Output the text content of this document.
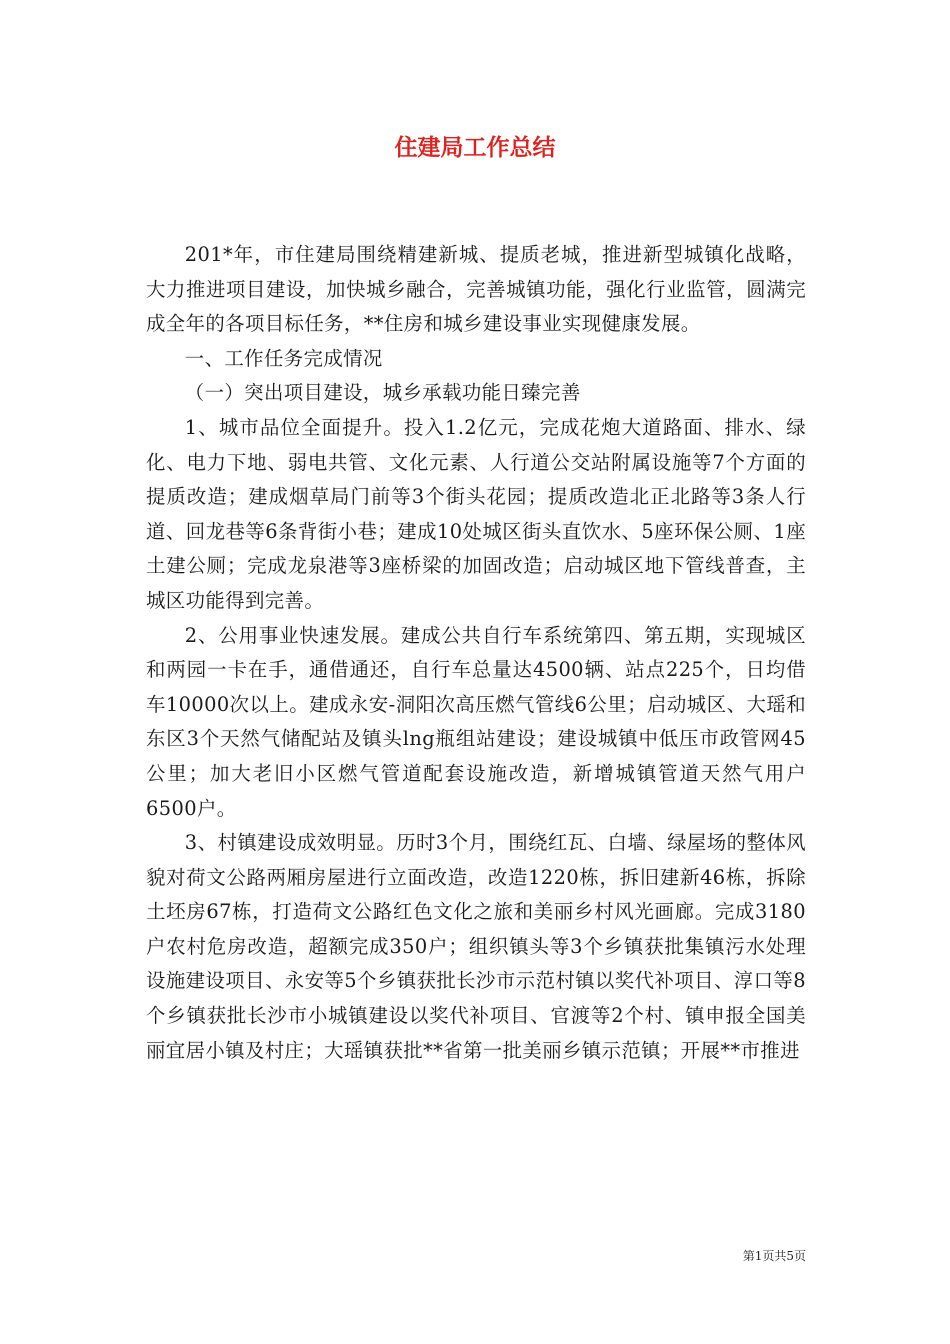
住建局工作总结

201*年，市住建局围绕精建新城、提质老城，推进新型城镇化战略，大力推进项目建设，加快城乡融合，完善城镇功能，强化行业监管，圆满完成全年的各项目标任务，**住房和城乡建设事业实现健康发展。

一、工作任务完成情况

（一）突出项目建设，城乡承载功能日臻完善

1、城市品位全面提升。投入1.2亿元，完成花炮大道路面、排水、绿化、电力下地、弱电共管、文化元素、人行道公交站附属设施等7个方面的提质改造；建成烟草局门前等3个街头花园；提质改造北正北路等3条人行道、回龙巷等6条背街小巷；建成10处城区街头直饮水、5座环保公厕、1座土建公厕；完成龙泉港等3座桥梁的加固改造；启动城区地下管线普查，主城区功能得到完善。

2、公用事业快速发展。建成公共自行车系统第四、第五期，实现城区和两园一卡在手，通借通还，自行车总量达4500辆、站点225个，日均借车10000次以上。建成永安-洞阳次高压燃气管线6公里；启动城区、大瑶和东区3个天然气储配站及镇头lng瓶组站建设；建设城镇中低压市政管网45公里；加大老旧小区燃气管道配套设施改造，新增城镇管道天然气用户6500户。

3、村镇建设成效明显。历时3个月，围绕红瓦、白墙、绿屋场的整体风貌对荷文公路两厢房屋进行立面改造，改造1220栋，拆旧建新46栋，拆除土坯房67栋，打造荷文公路红色文化之旅和美丽乡村风光画廊。完成3180户农村危房改造，超额完成350户；组织镇头等3个乡镇获批集镇污水处理设施建设项目、永安等5个乡镇获批长沙市示范村镇以奖代补项目、淳口等8个乡镇获批长沙市小城镇建设以奖代补项目、官渡等2个村、镇申报全国美丽宜居小镇及村庄；大瑶镇获批**省第一批美丽乡镇示范镇；开展**市推进

第1页共5页
